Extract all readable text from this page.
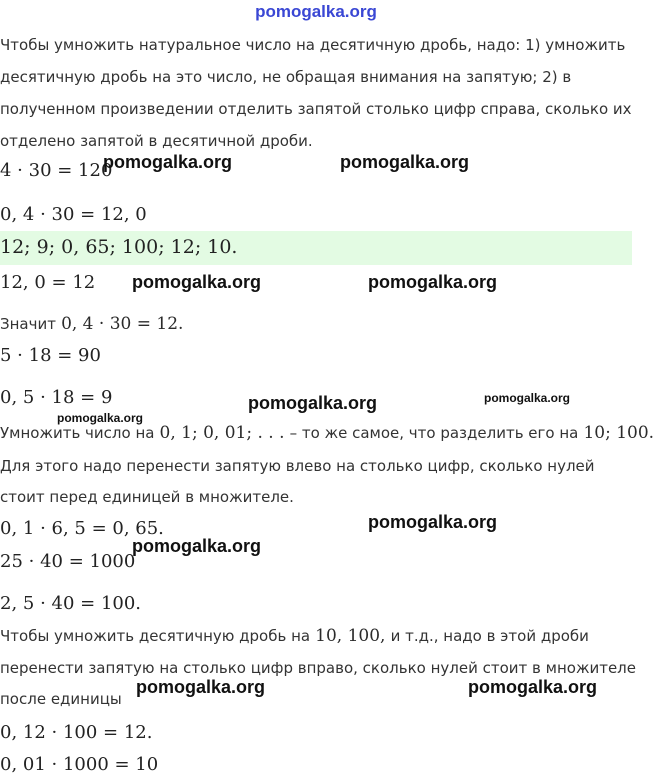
pomogalka.org
Чтобы умножить натуральное число на десятичную дробь, надо: 1) умножить
десятичную дробь на это число, не обращая внимания на запятую; 2) в
полученном произведении отделить запятой столько цифр справа, сколько их
отделено запятой в десятичной дроби.
4 · 30 = 120
pomogalka.org	pomogalka.org
0, 4 · 30 = 12, 0
12; 9; 0, 65; 100; 12; 10.
12, 0 = 12 pomogalka.org	pomogalka.org
Значит 0, 4 · 30 = 12.
5 · 18 = 90
0, 5 · 18 = 9	pomogalka.org	pomogalka.org
pomogalka.org
Умножить число на 0, 1; 0, 01; . . . – то же самое, что разделить его на 10; 100.
Для этого надо перенести запятую влево на столько цифр, сколько нулей
стоит перед единицей в множителе.
0, 1 · 6, 5 = 0, 65.	pomogalka.org
25 · 40 = 1000
pomogalka.org
2, 5 · 40 = 100.
Чтобы умножить десятичную дробь на 10, 100, и т.д., надо в этой дроби
перенести запятую на столько цифр вправо, сколько нулей стоит в множителе
после единицы
pomogalka.org	pomogalka.org
0, 12 · 100 = 12.
0, 01 · 1000 = 10
